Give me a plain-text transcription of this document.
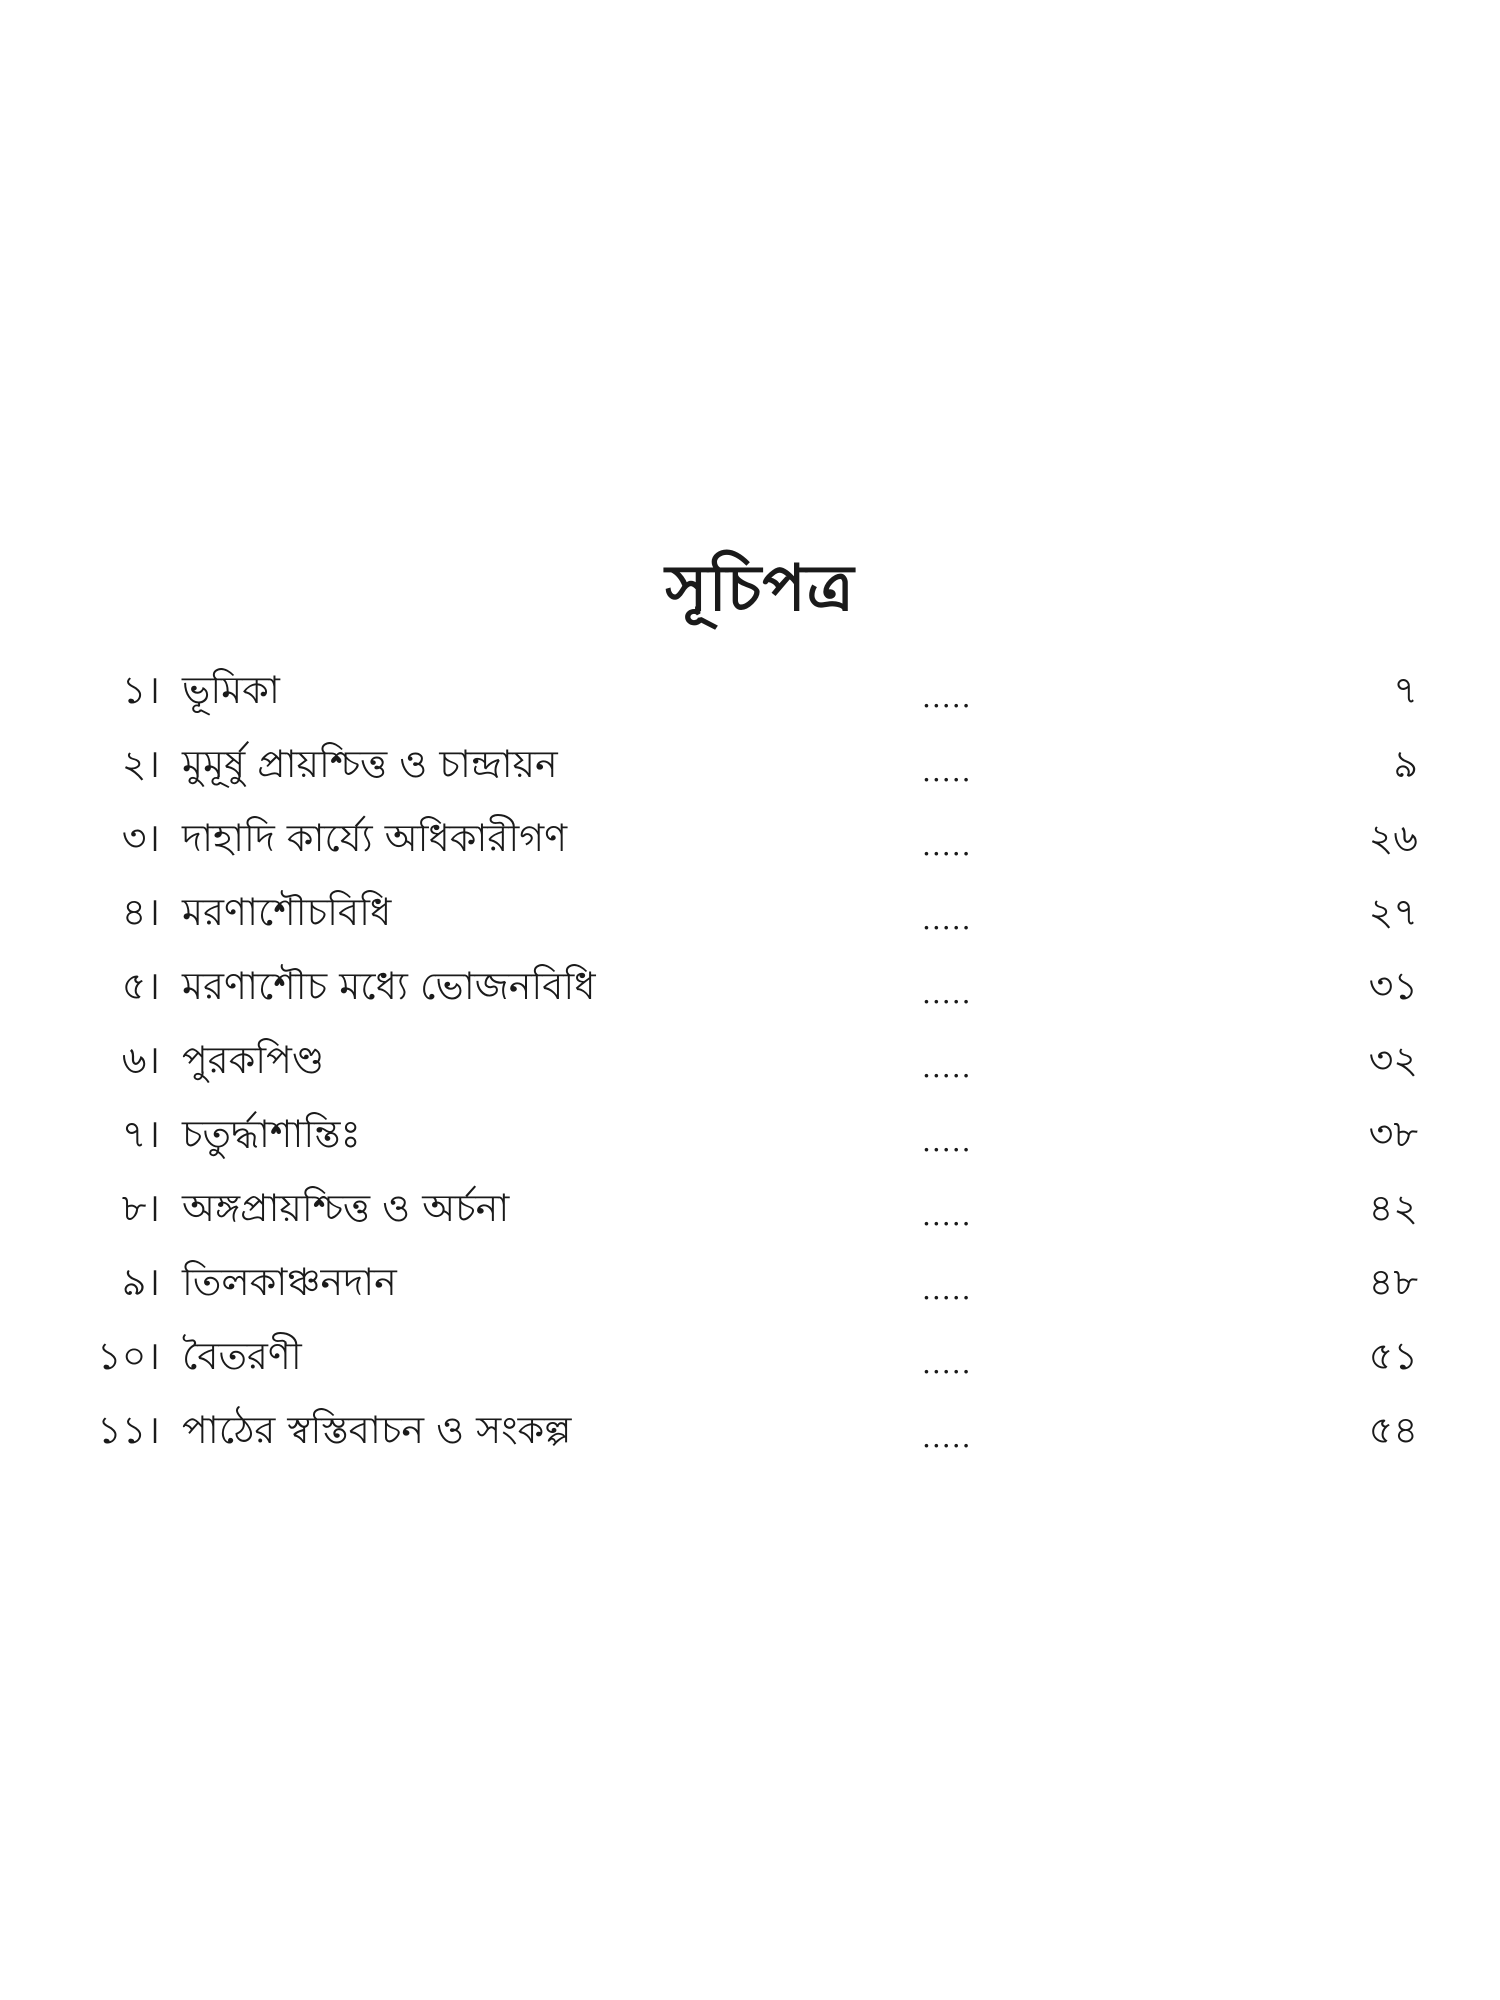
সূচিপত্র
১। ভূমিকা	.....	৭
২। মুমূর্ষু প্রায়শ্চিত্ত ও চান্দ্রায়ন	.....	৯
৩। দাহাদি কার্য্যে অধিকারীগণ	.....	২৬
৪। মরণাশৌচবিধি	.....	২৭
৫। মরণাশৌচ মধ্যে ভোজনবিধি	.....	৩১
৬। পুরকপিণ্ড	.....	৩২
৭। চতুর্দ্ধাশান্তিঃ	.....	৩৮
৮। অঙ্গপ্রায়শ্চিত্ত ও অর্চনা	.....	৪২
৯। তিলকাঞ্চনদান	.....	৪৮
১০। বৈতরণী	.....	৫১
১১। পাঠের স্বস্তিবাচন ও সংকল্প	.....	৫৪
